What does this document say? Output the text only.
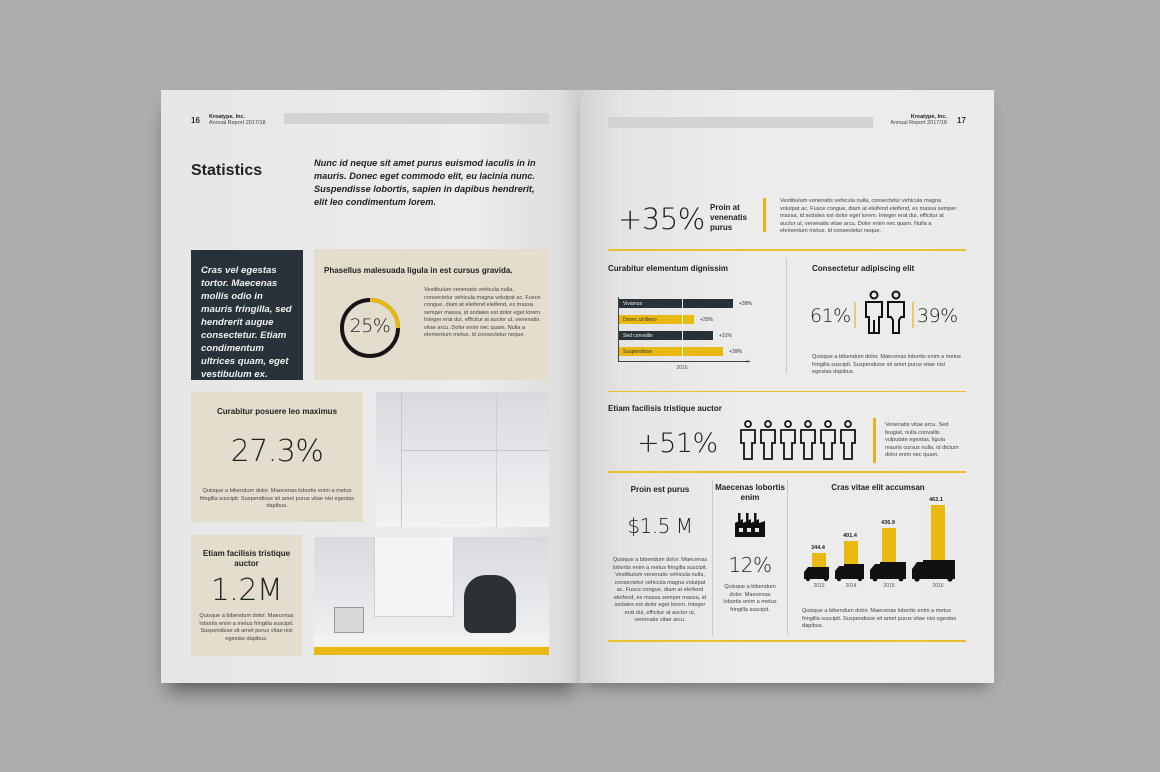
16 Kreatype, Inc.
Annual Report 2017/18
Statistics	Nunc id neque sit amet purus euismod iaculis in in mauris. Donec eget commodo elit, eu lacinia nunc. Suspendisse lobortis, sapien in dapibus hendrerit, elit leo condimentum lorem.
Cras vel egestas tortor. Maecenas mollis odio in mauris fringilla, sed hendrerit augue consectetur. Etiam condimentum ultrices quam, eget vestibulum ex.
Phasellus malesuada ligula in est cursus gravida.
25%
Vestibulum venenatis vehicula nulla, consectetur vehicula magna volutpat ac. Fusce congue, diam at eleifend eleifend, ex massa semper massa, id sodales est dolor eget lorem. Integer erat dui, efficitur at auctor ut, venenatis vitae arcu. Dolor enim nec quam. Nulla a elementum metus, id consectetur neque.
Curabitur posuere leo maximus
27.3%
Quisque a bibendum dolor. Maecenas lobortis enim a metus fringilla suscipit. Suspendisse sit amet purus vitae nisi egestas dapibus.
Etiam facilisis tristique auctor
1.2M
Quisque a bibendum dolor. Maecenas lobortis enim a metus fringilla suscipit. Suspendisse sit amet purus vitae nisi egestas dapibus.
Kreatype, Inc.
Annual Report 2017/18 17
+35% Proin at venenatis purus
Vestibulum venenatis vehicula nulla, consectetur vehicula magna volutpat ac. Fusce congue, diam at eleifend eleifend, ex massa semper massa, id sodales est dolor eget lorem. Integer erat dui, efficitur at auctor ut, venenatis vitae arcu. Dolor enim nec quam. Nulla a elementum metus, id consectetur neque.
Curabitur elementum dignissim
Vivamus	+38%
Donec ut libero	+25%
Sed convallis	+31%
Suspendisse	+39%
›
2016
Consectetur adipiscing elit
61%	39%
Quisque a bibendum dolor. Maecenas lobortis enim a metus fringilla suscipit. Suspendisse sit amet purus vitae nisi egestas dapibus.
Etiam facilisis tristique auctor
+51%
Venenatis vitae arcu. Sed feugiat, nulla convallis vulputate egestas, ligula mauris cursus nulla, id dictum dolor enim nec quam.
Proin est purus
$1.5 M
Quisque a bibendum dolor. Maecenas lobortis enim a metus fringilla suscipit. Vestibulum venenatis vehicula nulla, consectetur vehicula magna volutpat ac. Fusce congue, diam at eleifend eleifend, ex massa semper massa, id sodales est dolor eget lorem. Integer erat dui, efficitur at auctor ut, venenatis vitae arcu.
Maecenas lobortis enim
12%
Quisque a bibendum dolor. Maecenas lobortis enim a metus fringilla suscipit.
Cras vitae elit accumsan
344.4
401.4
436.9
462.1
2013	2014	2015	2016
Quisque a bibendum dolor. Maecenas lobortis enim a metus fringilla suscipit. Suspendisse sit amet purus vitae nisi egestas dapibus.
